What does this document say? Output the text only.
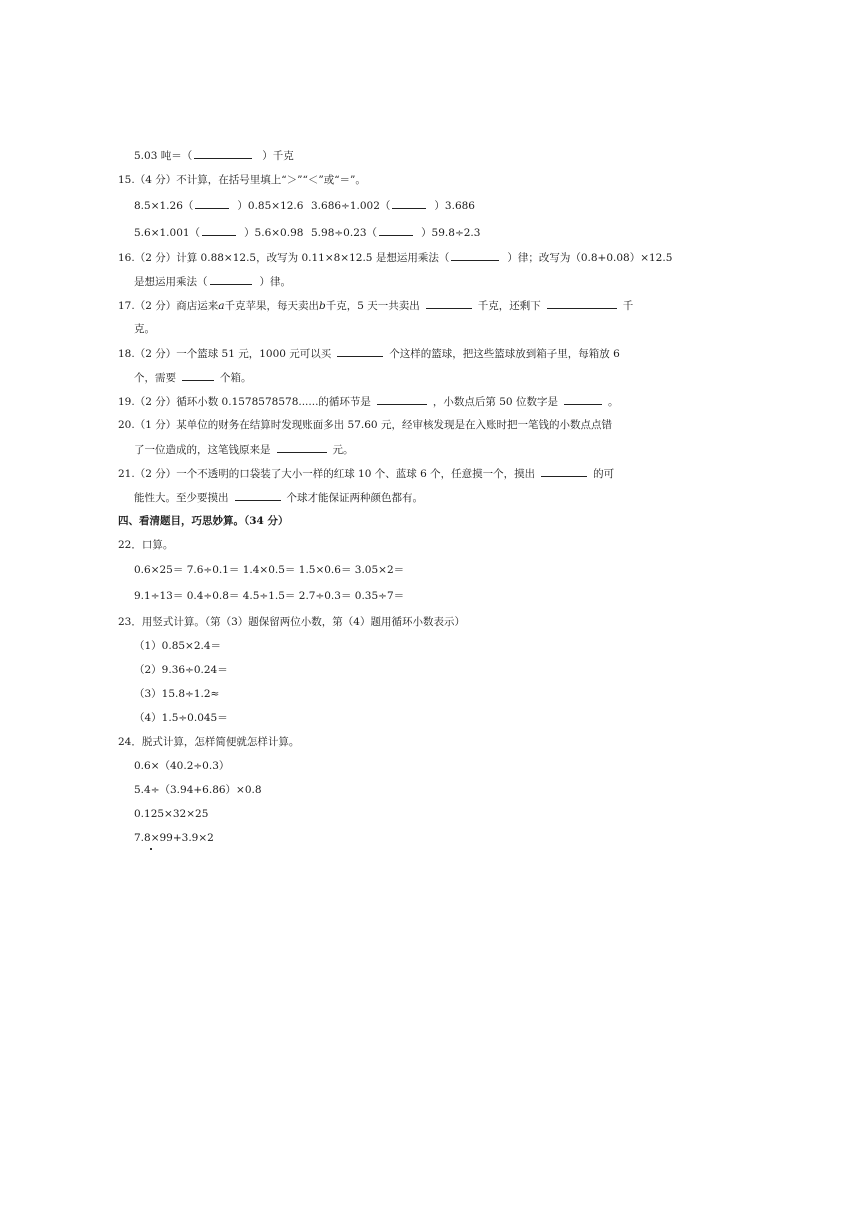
5.03 吨＝（	）千克
15.（4 分）不计算，在括号里填上“＞”“＜”或“＝”。
8.5×1.26（	）0.85×12.6 3.686÷1.002（	）3.686
5.6×1.001（	）5.6×0.98 5.98÷0.23（	）59.8÷2.3
16.（2 分）计算 0.88×12.5，改写为 0.11×8×12.5 是想运用乘法（	）律；改写为（0.8+0.08）×12.5
是想运用乘法（	）律。
17.（2 分）商店运来a千克苹果，每天卖出b千克，5 天一共卖出	千克，还剩下	千
克。
18.（2 分）一个篮球 51 元，1000 元可以买	个这样的篮球，把这些篮球放到箱子里，每箱放 6
个，需要	个箱。
19.（2 分）循环小数 0.1578578578......的循环节是	，小数点后第 50 位数字是	。
20.（1 分）某单位的财务在结算时发现账面多出 57.60 元，经审核发现是在入账时把一笔钱的小数点点错
了一位造成的，这笔钱原来是	元。
21.（2 分）一个不透明的口袋装了大小一样的红球 10 个、蓝球 6 个，任意摸一个，摸出	的可
能性大。至少要摸出	个球才能保证两种颜色都有。
四、看清题目，巧思妙算。（34 分）
22．口算。
0.6×25＝ 7.6÷0.1＝ 1.4×0.5＝ 1.5×0.6＝ 3.05×2＝
9.1÷13＝ 0.4÷0.8＝ 4.5÷1.5＝ 2.7÷0.3＝ 0.35÷7＝
23．用竖式计算。（第（3）题保留两位小数，第（4）题用循环小数表示）
（1）0.85×2.4＝
（2）9.36÷0.24＝
（3）15.8÷1.2≈
（4）1.5÷0.045＝
24．脱式计算，怎样简便就怎样计算。
0.6×（40.2÷0.3）
5.4÷（3.94+6.86）×0.8
0.125×32×25
7.8×99+3.9×2
